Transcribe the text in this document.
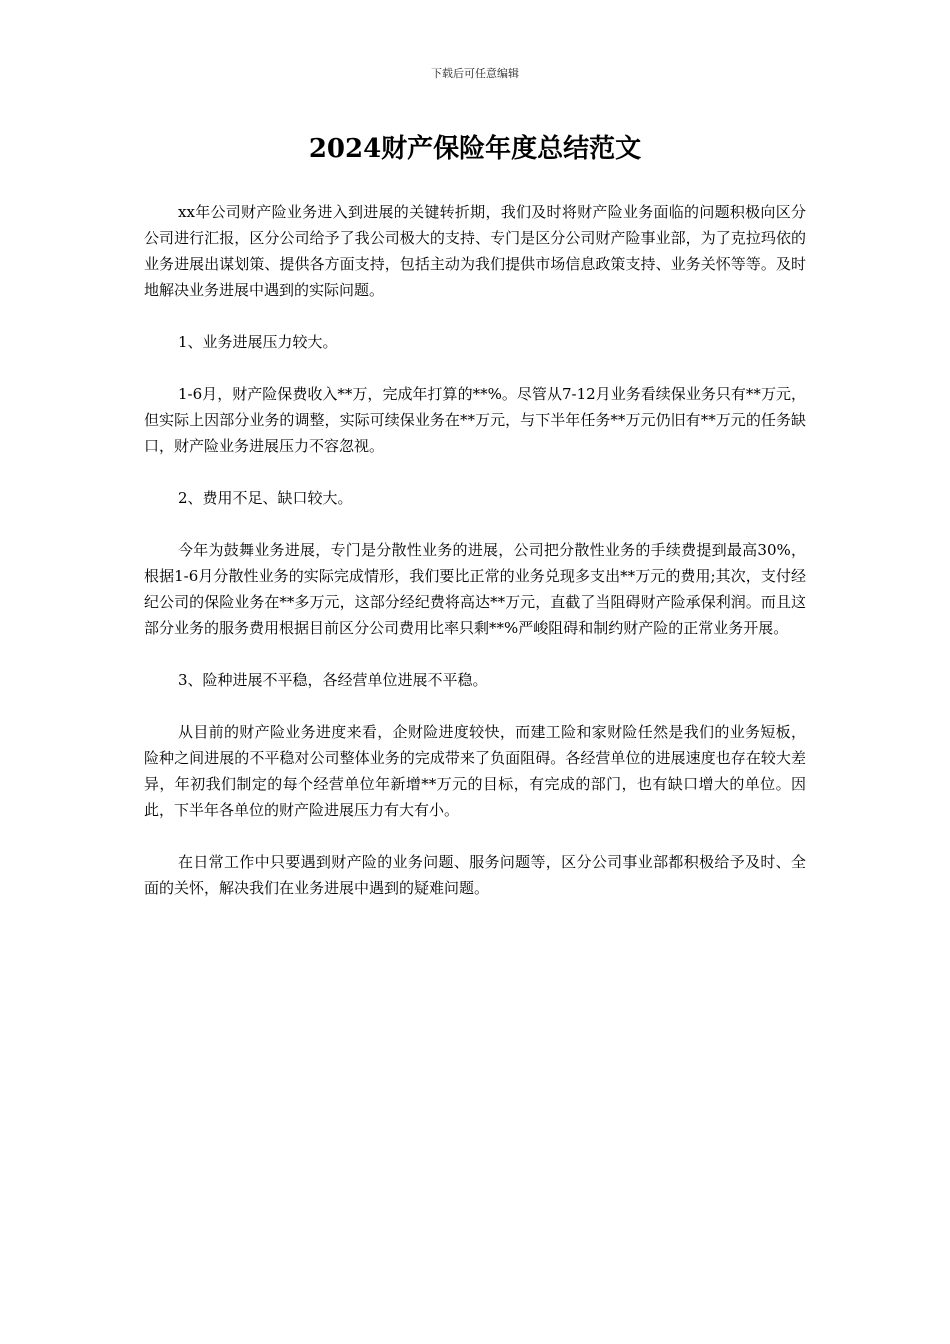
下载后可任意编辑
2024财产保险年度总结范文

xx年公司财产险业务进入到进展的关键转折期，我们及时将财产险业务面临的问题积极向区分公司进行汇报，区分公司给予了我公司极大的支持、专门是区分公司财产险事业部，为了克拉玛依的业务进展出谋划策、提供各方面支持，包括主动为我们提供市场信息政策支持、业务关怀等等。及时地解决业务进展中遇到的实际问题。

1、业务进展压力较大。

1-6月，财产险保费收入**万，完成年打算的**%。尽管从7-12月业务看续保业务只有**万元，但实际上因部分业务的调整，实际可续保业务在**万元，与下半年任务**万元仍旧有**万元的任务缺口，财产险业务进展压力不容忽视。

2、费用不足、缺口较大。

今年为鼓舞业务进展，专门是分散性业务的进展，公司把分散性业务的手续费提到最高30%，根据1-6月分散性业务的实际完成情形，我们要比正常的业务兑现多支出**万元的费用;其次，支付经纪公司的保险业务在**多万元，这部分经纪费将高达**万元，直截了当阻碍财产险承保利润。而且这部分业务的服务费用根据目前区分公司费用比率只剩**%严峻阻碍和制约财产险的正常业务开展。

3、险种进展不平稳，各经营单位进展不平稳。

从目前的财产险业务进度来看，企财险进度较快，而建工险和家财险任然是我们的业务短板，险种之间进展的不平稳对公司整体业务的完成带来了负面阻碍。各经营单位的进展速度也存在较大差异，年初我们制定的每个经营单位年新增**万元的目标，有完成的部门，也有缺口增大的单位。因此，下半年各单位的财产险进展压力有大有小。

在日常工作中只要遇到财产险的业务问题、服务问题等，区分公司事业部都积极给予及时、全面的关怀，解决我们在业务进展中遇到的疑难问题。
